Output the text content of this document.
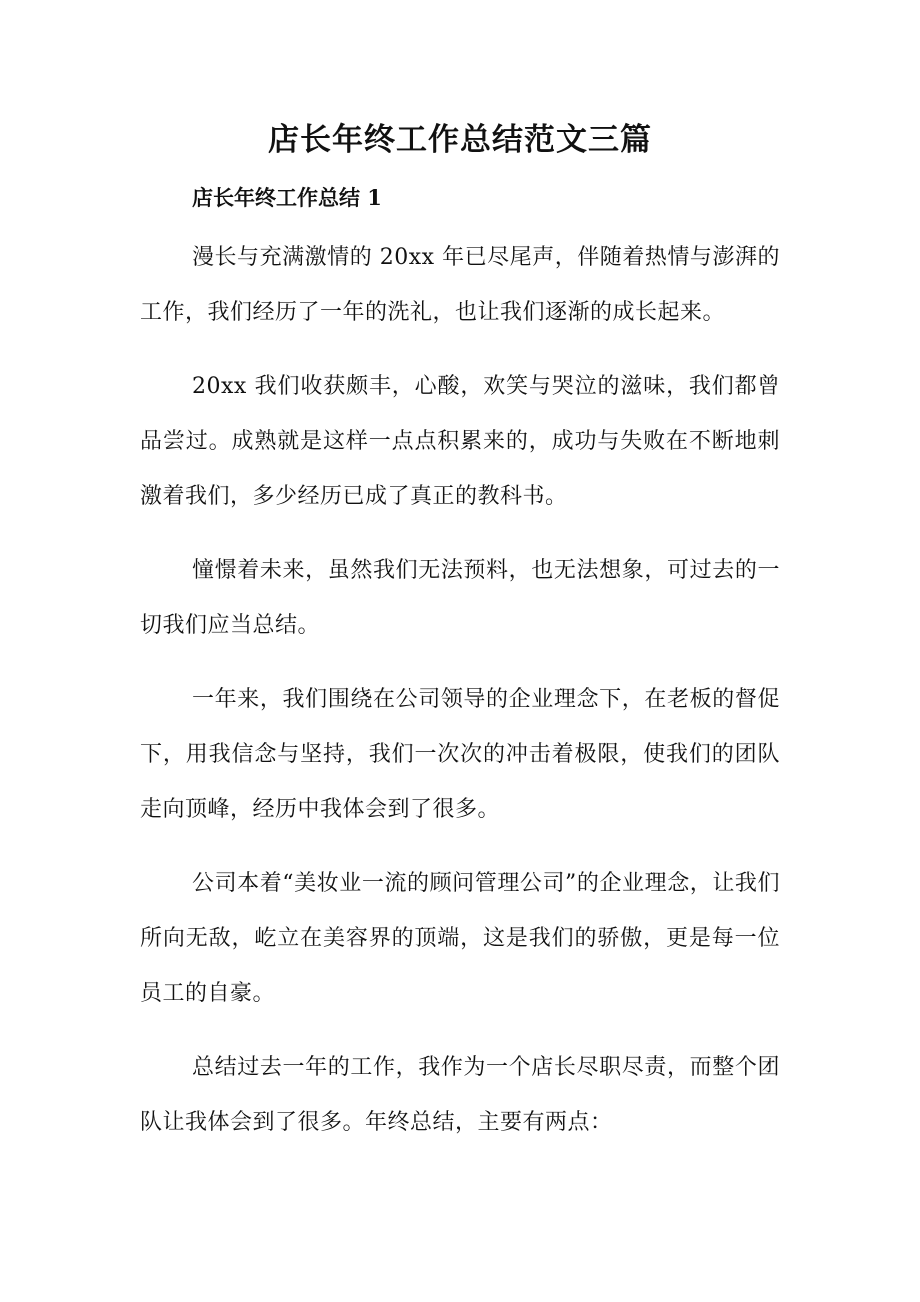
店长年终工作总结范文三篇
店长年终工作总结 1

漫长与充满激情的 20xx 年已尽尾声，伴随着热情与澎湃的工作，我们经历了一年的洗礼，也让我们逐渐的成长起来。

20xx 我们收获颇丰，心酸，欢笑与哭泣的滋味，我们都曾品尝过。成熟就是这样一点点积累来的，成功与失败在不断地刺激着我们，多少经历已成了真正的教科书。

憧憬着未来，虽然我们无法预料，也无法想象，可过去的一切我们应当总结。

一年来，我们围绕在公司领导的企业理念下，在老板的督促下，用我信念与坚持，我们一次次的冲击着极限，使我们的团队走向顶峰，经历中我体会到了很多。

公司本着“美妆业一流的顾问管理公司”的企业理念，让我们所向无敌，屹立在美容界的顶端，这是我们的骄傲，更是每一位员工的自豪。

总结过去一年的工作，我作为一个店长尽职尽责，而整个团队让我体会到了很多。年终总结，主要有两点：
